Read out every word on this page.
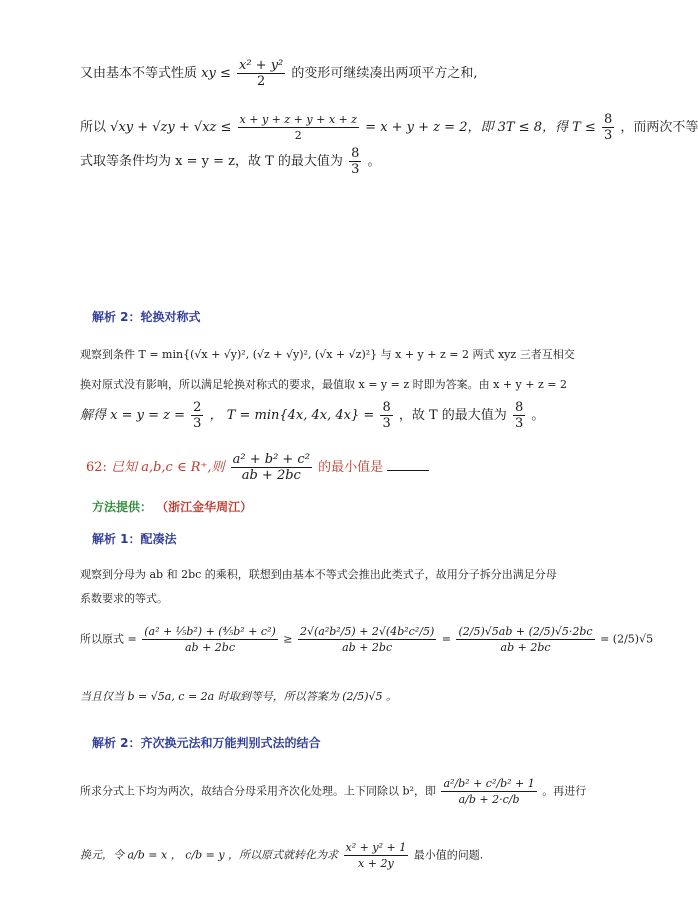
又由基本不等式性质 xy ≤ $\frac{\text{x² + y²}}{2}$ 的变形可继续凑出两项平方之和,
所以 $√xy + √zy + √xz \le \frac{x + y + z + y + x + z}{2} = x + y + z = 2$，即 3T ≤ 8，得 $T \le \frac{8}{3}$ ，而两次不等
式取等条件均为 x = y = z，故 T 的最大值为 $\frac{8}{3}$ 。
解析 2：轮换对称式
观察到条件 T = min{(√x + √y)², (√z + √y)², (√x + √z)²} 与 x + y + z = 2 两式 xyz 三者互相交
换对原式没有影响，所以满足轮换对称式的要求，最值取 x = y = z 时即为答案。由 x + y + z = 2
解得 $x = y = z = \frac{2}{3}$ ， T = min{4x, 4x, $4x\} = \frac{8}{3}$ ，故 T 的最大值为 $\frac{8}{3}$ 。
62: 已知 a,b,c ∈ R⁺,则 $\frac{\text{a² + b² + c²}}{ab + 2bc}$ 的最小值是
方法提供： （浙江金华周江）
解析 1：配凑法
观察到分母为 ab 和 2bc 的乘积，联想到由基本不等式会推出此类式子，故用分子拆分出满足分母
系数要求的等式。
所以原式 = $\frac{\text{(a² + ⅕b²) + (⅘b² + c²)}}{ab + 2bc} \ge \frac{\text{2√(a²b²/5) + 2√(4b²c²/5)}}{ab + 2bc} = \frac{(2/5)√5ab + (2/5)√5\cdot 2bc}{ab + 2bc} = (2/5)√5$
当且仅当 b = √5a, c = 2a 时取到等号，所以答案为 (2/5)√5 。
解析 2：齐次换元法和万能判别式法的结合
所求分式上下均为两次，故结合分母采用齐次化处理。上下同除以 b²，即 $\frac{\text{a²/b² + c²/b² + 1}}{a/b + 2\cdot c/b}$ 。再进行
换元，令 a/b = x ， c/b = y ，所以原式就转化为求 $\frac{\text{x² + y² + 1}}{x + 2y}$ 最小值的问题.
